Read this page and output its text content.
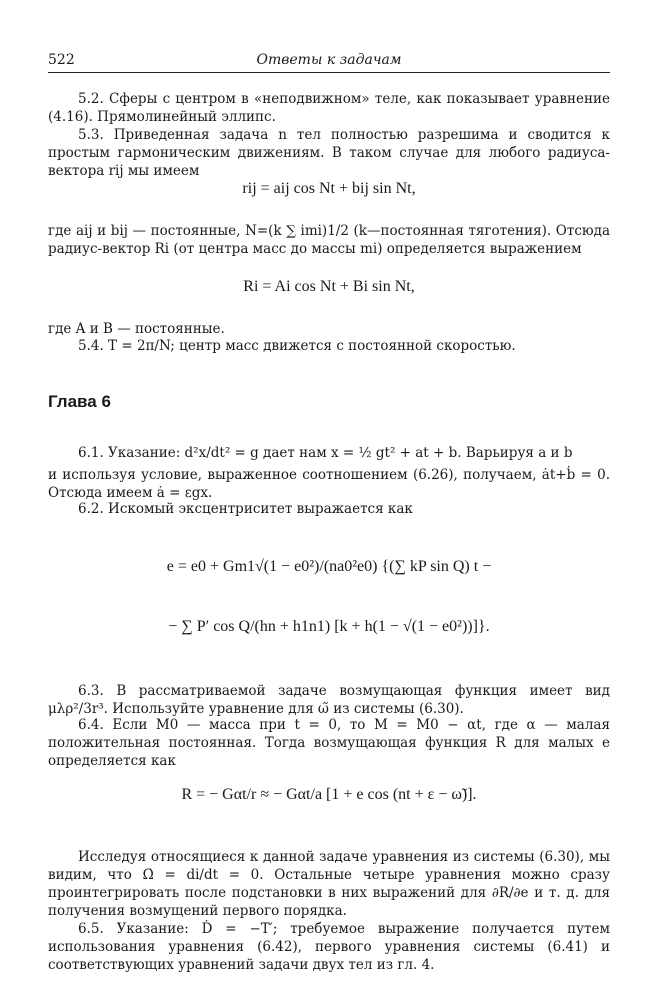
522	Ответы к задачам
5.2. Сферы с центром в «неподвижном» теле, как показывает уравнение (4.16). Прямолинейный эллипс.
5.3. Приведенная задача n тел полностью разрешима и сводится к простым гармоническим движениям. В таком случае для любого радиуса-вектора rij мы имеем
rij = aij cos Nt + bij sin Nt,
где aij и bij — постоянные, N=(k ∑ imi)1/2 (k—постоянная тяготения). Отсюда радиус-вектор Ri (от центра масс до массы mi) определяется выражением
Ri = Ai cos Nt + Bi sin Nt,
где A и B — постоянные.
5.4. T = 2π/N; центр масс движется с постоянной скоростью.
Глава 6
6.1. Указание: d²x/dt² = g дает нам x = ½ gt² + at + b. Варьируя a и b
и используя условие, выраженное соотношением (6.26), получаем, ȧt+ḃ = 0. Отсюда имеем ȧ = εgx.
6.2. Искомый эксцентриситет выражается как
e = e0 + Gm1√(1 − e0²)/(na0²e0) {(∑ kP sin Q) t −
− ∑ P′ cos Q/(hn + h1n1) [k + h(1 − √(1 − e0²))]}.
6.3. В рассматриваемой задаче возмущающая функция имеет вид μλρ²/3r³. Используйте уравнение для ω̃ из системы (6.30).
6.4. Если M0 — масса при t = 0, то M = M0 − αt, где α — малая положительная постоянная. Тогда возмущающая функция R для малых e определяется как
R = − Gαt/r ≈ − Gαt/a [1 + e cos (nt + ε − ω̃)].
Исследуя относящиеся к данной задаче уравнения из системы (6.30), мы видим, что Ω̇ = di/dt = 0. Остальные четыре уравнения можно сразу проинтегрировать после подстановки в них выражений для ∂R/∂e и т. д. для получения возмущений первого порядка.
6.5. Указание: Ḋ = −T′; требуемое выражение получается путем использования уравнения (6.42), первого уравнения системы (6.41) и соответствующих уравнений задачи двух тел из гл. 4.
